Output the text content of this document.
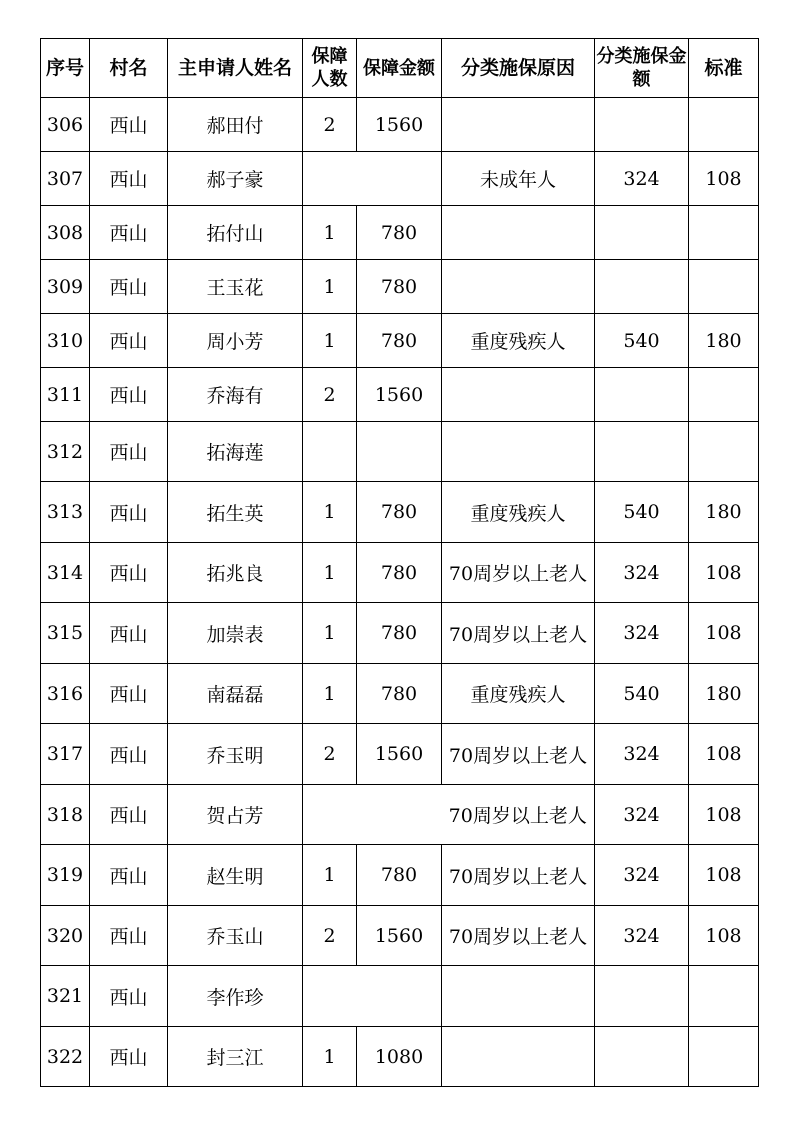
序号	村名	主申请人姓名	保障人数	保障金额	分类施保原因	分类施保金额	标准
306	西山	郝田付	2	1560			
307	西山	郝子豪			未成年人	324	108
308	西山	拓付山	1	780			
309	西山	王玉花	1	780			
310	西山	周小芳	1	780	重度残疾人	540	180
311	西山	乔海有	2	1560			
312	西山	拓海莲					
313	西山	拓生英	1	780	重度残疾人	540	180
314	西山	拓兆良	1	780	70周岁以上老人	324	108
315	西山	加崇表	1	780	70周岁以上老人	324	108
316	西山	南磊磊	1	780	重度残疾人	540	180
317	西山	乔玉明	2	1560	70周岁以上老人	324	108
318	西山	贺占芳			70周岁以上老人	324	108
319	西山	赵生明	1	780	70周岁以上老人	324	108
320	西山	乔玉山	2	1560	70周岁以上老人	324	108
321	西山	李作珍					
322	西山	封三江	1	1080			
